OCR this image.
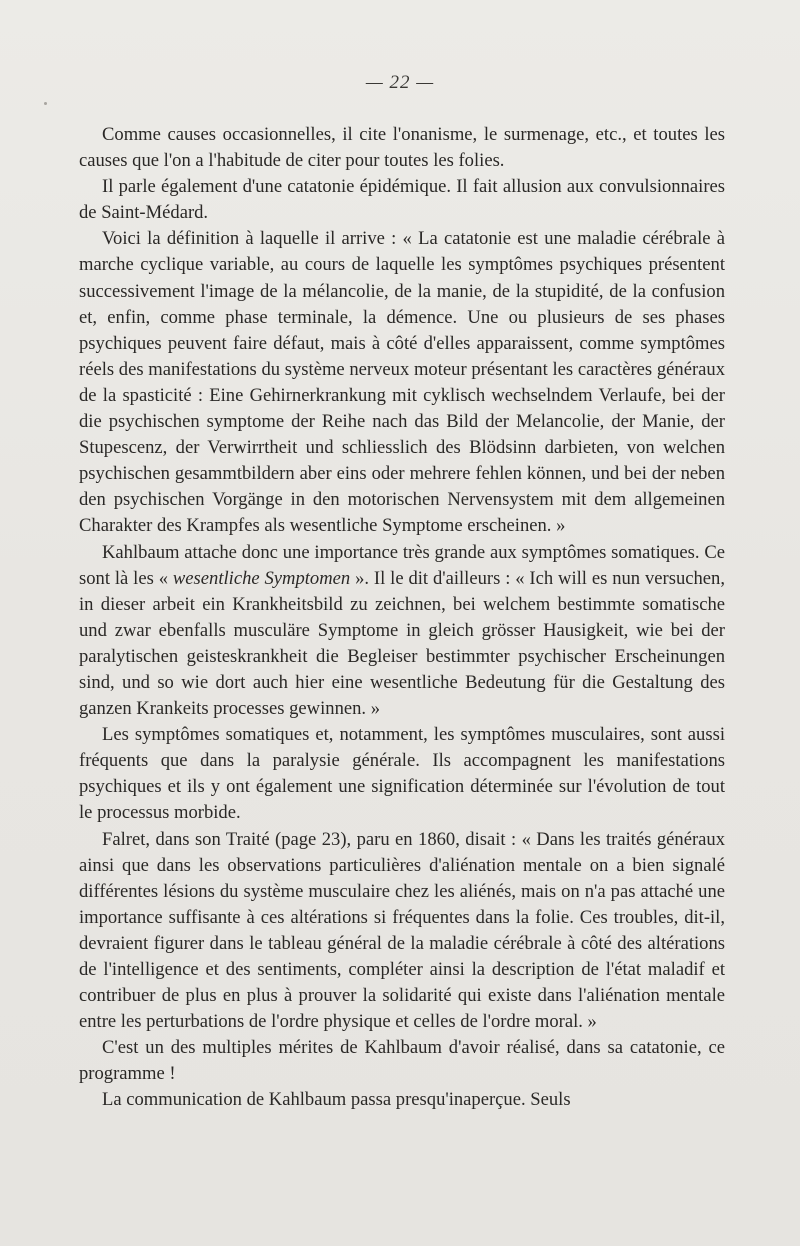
— 22 —

Comme causes occasionnelles, il cite l'onanisme, le surmenage, etc., et toutes les causes que l'on a l'habitude de citer pour toutes les folies.

Il parle également d'une catatonie épidémique. Il fait allusion aux convulsionnaires de Saint-Médard.

Voici la définition à laquelle il arrive : « La catatonie est une maladie cérébrale à marche cyclique variable, au cours de laquelle les symptômes psychiques présentent successivement l'image de la mélancolie, de la manie, de la stupidité, de la confusion et, enfin, comme phase terminale, la démence. Une ou plusieurs de ses phases psychiques peuvent faire défaut, mais à côté d'elles apparaissent, comme symptômes réels des manifestations du système nerveux moteur présentant les caractères généraux de la spasticité : Eine Gehirnerkrankung mit cyklisch wechselndem Verlaufe, bei der die psychischen symptome der Reihe nach das Bild der Melancolie, der Manie, der Stupescenz, der Verwirrtheit und schliesslich des Blödsinn darbieten, von welchen psychischen gesammtbildern aber eins oder mehrere fehlen können, und bei der neben den psychischen Vorgänge in den motorischen Nervensystem mit dem allgemeinen Charakter des Krampfes als wesentliche Symptome erscheinen. »

Kahlbaum attache donc une importance très grande aux symptômes somatiques. Ce sont là les « wesentliche Symptomen ». Il le dit d'ailleurs : « Ich will es nun versuchen, in dieser arbeit ein Krankheitsbild zu zeichnen, bei welchem bestimmte somatische und zwar ebenfalls musculäre Symptome in gleich grösser Hausigkeit, wie bei der paralytischen geisteskrankheit die Begleiser bestimmter psychischer Erscheinungen sind, und so wie dort auch hier eine wesentliche Bedeutung für die Gestaltung des ganzen Krankeits processes gewinnen. »

Les symptômes somatiques et, notamment, les symptômes musculaires, sont aussi fréquents que dans la paralysie générale. Ils accompagnent les manifestations psychiques et ils y ont également une signification déterminée sur l'évolution de tout le processus morbide.

Falret, dans son Traité (page 23), paru en 1860, disait : « Dans les traités généraux ainsi que dans les observations particulières d'aliénation mentale on a bien signalé différentes lésions du système musculaire chez les aliénés, mais on n'a pas attaché une importance suffisante à ces altérations si fréquentes dans la folie. Ces troubles, dit-il, devraient figurer dans le tableau général de la maladie cérébrale à côté des altérations de l'intelligence et des sentiments, compléter ainsi la description de l'état maladif et contribuer de plus en plus à prouver la solidarité qui existe dans l'aliénation mentale entre les perturbations de l'ordre physique et celles de l'ordre moral. »

C'est un des multiples mérites de Kahlbaum d'avoir réalisé, dans sa catatonie, ce programme !

La communication de Kahlbaum passa presqu'inaperçue. Seuls
